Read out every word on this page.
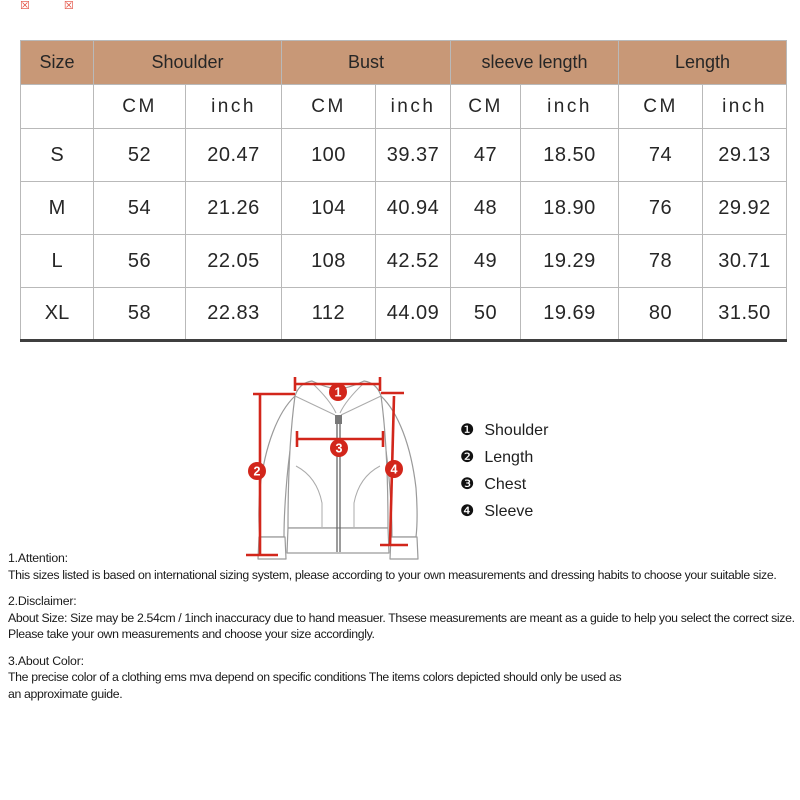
☒	☒
Size	Shoulder		Bust		sleeve length		Length	
	CM	inch	CM	inch	CM	inch	CM	inch
S	52	20.47	100	39.37	47	18.50	74	29.13
M	54	21.26	104	40.94	48	18.90	76	29.92
L	56	22.05	108	42.52	49	19.29	78	30.71
XL	58	22.83	112	44.09	50	19.69	80	31.50
1
2
3
4
❶ Shoulder
❷ Length
❸ Chest
❹ Sleeve
1.Attention:
This sizes listed is based on international sizing system, please according to your own measurements and dressing habits to choose your suitable size.
2.Disclaimer:
About Size: Size may be 2.54cm / 1inch inaccuracy due to hand measuer. Thsese measurements are meant as a guide to help you select the correct size.
Please take your own measurements and choose your size accordingly.
3.About Color:
The precise color of a clothing ems mva depend on specific conditions The items colors depicted should only be used as
an approximate guide.
